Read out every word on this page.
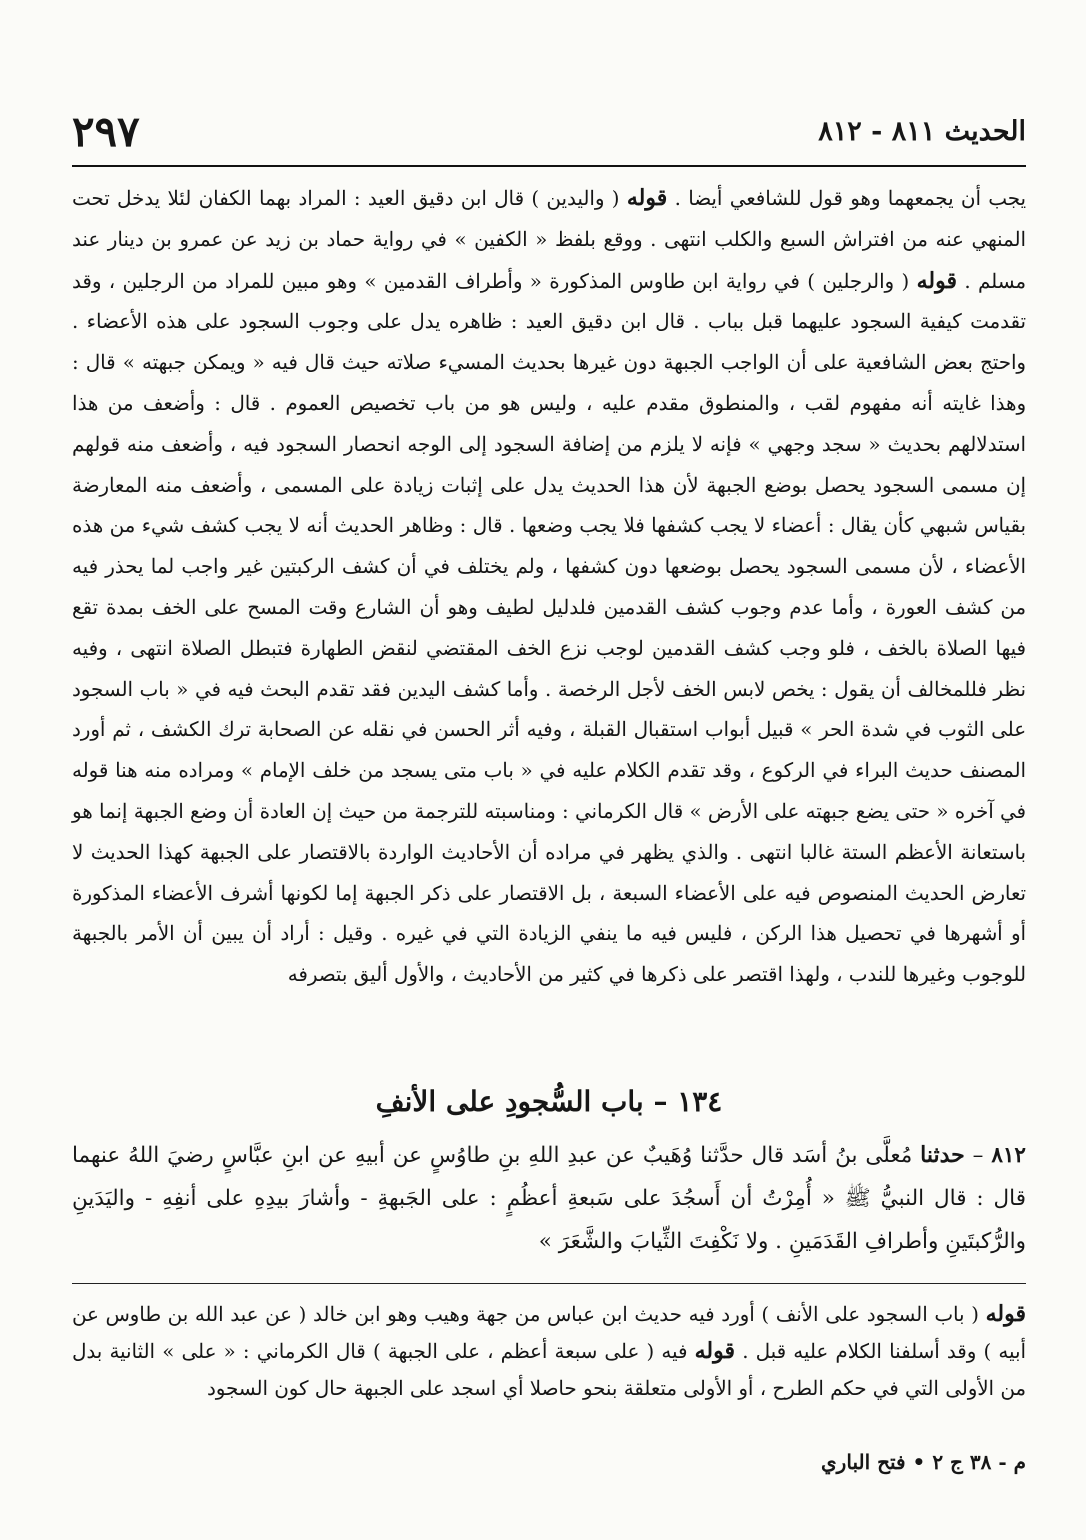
الحديث ٨١١ - ٨١٢
٢٩٧

يجب أن يجمعهما وهو قول للشافعي أيضا . قوله ( واليدين ) قال ابن دقيق العيد : المراد بهما الكفان لئلا يدخل تحت المنهي عنه من افتراش السبع والكلب انتهى . ووقع بلفظ « الكفين » في رواية حماد بن زيد عن عمرو بن دينار عند مسلم . قوله ( والرجلين ) في رواية ابن طاوس المذكورة « وأطراف القدمين » وهو مبين للمراد من الرجلين ، وقد تقدمت كيفية السجود عليهما قبل بباب . قال ابن دقيق العيد : ظاهره يدل على وجوب السجود على هذه الأعضاء . واحتج بعض الشافعية على أن الواجب الجبهة دون غيرها بحديث المسيء صلاته حيث قال فيه « ويمكن جبهته » قال : وهذا غايته أنه مفهوم لقب ، والمنطوق مقدم عليه ، وليس هو من باب تخصيص العموم . قال : وأضعف من هذا استدلالهم بحديث « سجد وجهي » فإنه لا يلزم من إضافة السجود إلى الوجه انحصار السجود فيه ، وأضعف منه قولهم إن مسمى السجود يحصل بوضع الجبهة لأن هذا الحديث يدل على إثبات زيادة على المسمى ، وأضعف منه المعارضة بقياس شبهي كأن يقال : أعضاء لا يجب كشفها فلا يجب وضعها . قال : وظاهر الحديث أنه لا يجب كشف شيء من هذه الأعضاء ، لأن مسمى السجود يحصل بوضعها دون كشفها ، ولم يختلف في أن كشف الركبتين غير واجب لما يحذر فيه من كشف العورة ، وأما عدم وجوب كشف القدمين فلدليل لطيف وهو أن الشارع وقت المسح على الخف بمدة تقع فيها الصلاة بالخف ، فلو وجب كشف القدمين لوجب نزع الخف المقتضي لنقض الطهارة فتبطل الصلاة انتهى ، وفيه نظر فللمخالف أن يقول : يخص لابس الخف لأجل الرخصة . وأما كشف اليدين فقد تقدم البحث فيه في « باب السجود على الثوب في شدة الحر » قبيل أبواب استقبال القبلة ، وفيه أثر الحسن في نقله عن الصحابة ترك الكشف ، ثم أورد المصنف حديث البراء في الركوع ، وقد تقدم الكلام عليه في « باب متى يسجد من خلف الإمام » ومراده منه هنا قوله في آخره « حتى يضع جبهته على الأرض » قال الكرماني : ومناسبته للترجمة من حيث إن العادة أن وضع الجبهة إنما هو باستعانة الأعظم الستة غالبا انتهى . والذي يظهر في مراده أن الأحاديث الواردة بالاقتصار على الجبهة كهذا الحديث لا تعارض الحديث المنصوص فيه على الأعضاء السبعة ، بل الاقتصار على ذكر الجبهة إما لكونها أشرف الأعضاء المذكورة أو أشهرها في تحصيل هذا الركن ، فليس فيه ما ينفي الزيادة التي في غيره . وقيل : أراد أن يبين أن الأمر بالجبهة للوجوب وغيرها للندب ، ولهذا اقتصر على ذكرها في كثير من الأحاديث ، والأول أليق بتصرفه

١٣٤ – باب السُّجودِ على الأنفِ

٨١٢ – حدثنا مُعلَّى بنُ أسَد قال حدَّثنا وُهَيبٌ عن عبدِ اللهِ بنِ طاوُسٍ عن أبيهِ عن ابنِ عبَّاسٍ رضيَ اللهُ عنهما قال : قال النبيُّ ﷺ « أُمِرْتُ أن أَسجُدَ على سَبعةِ أعظُمٍ : على الجَبهةِ - وأشارَ بيدِهِ على أنفِهِ - واليَدَينِ والرُّكبتَينِ وأطرافِ القَدَمَينِ . ولا نَكْفِتَ الثِّيابَ والشَّعَرَ »

قوله ( باب السجود على الأنف ) أورد فيه حديث ابن عباس من جهة وهيب وهو ابن خالد ( عن عبد الله بن طاوس عن أبيه ) وقد أسلفنا الكلام عليه قبل . قوله فيه ( على سبعة أعظم ، على الجبهة ) قال الكرماني : « على » الثانية بدل من الأولى التي في حكم الطرح ، أو الأولى متعلقة بنحو حاصلا أي اسجد على الجبهة حال كون السجود

م - ٣٨ ج ٢ • فتح الباري
